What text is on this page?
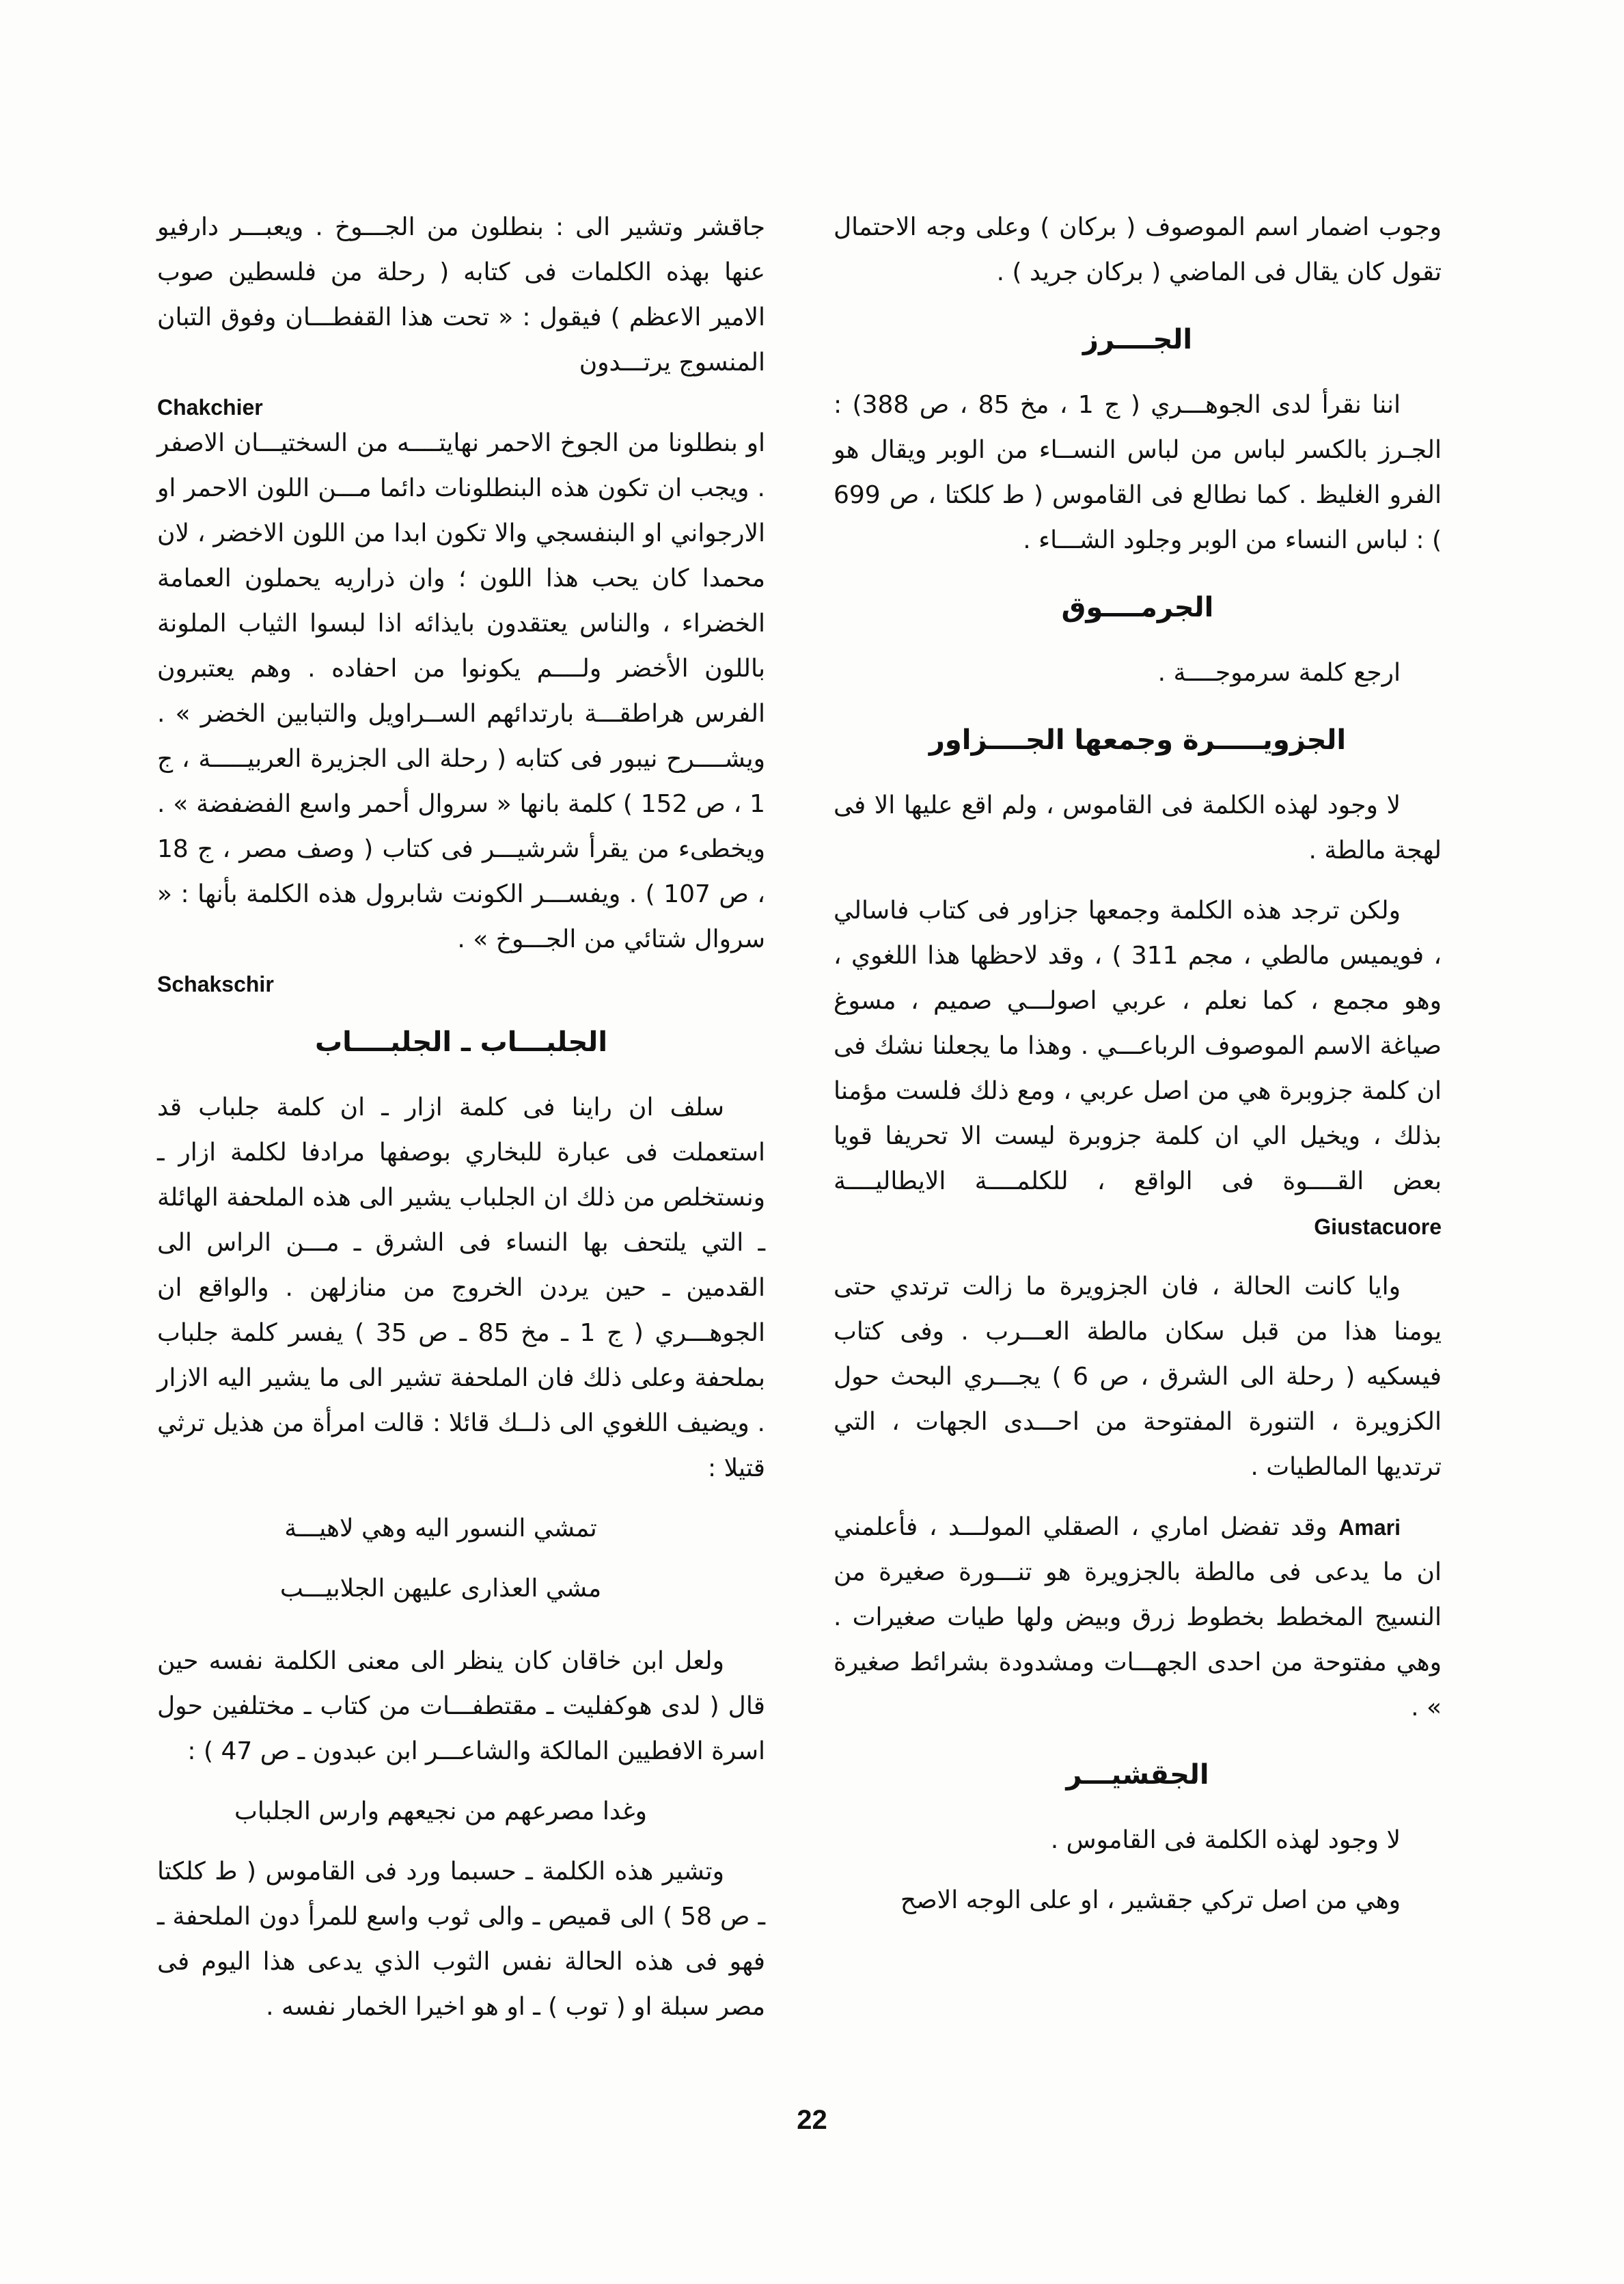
وجوب اضمار اسم الموصوف ( بركان ) وعلى وجه الاحتمال تقول كان يقال فى الماضي ( بركان جريد ) .

الجــــرز

اننا نقرأ لدى الجوهـــري ( ج 1 ، مخ 85 ، ص 388) : الجـرز بالكسر لباس من لباس النســاء من الوبر ويقال هو الفرو الغليظ . كما نطالع فى القاموس ( ط كلكتا ، ص 699 ) : لباس النساء من الوبر وجلود الشـــاء .

الجرمــــوق

ارجع كلمة سرموجــــة .

الجزويـــــرة وجمعها الجــــزاور

لا وجود لهذه الكلمة فى القاموس ، ولم اقع عليها الا فى لهجة مالطة .

ولكن ترجد هذه الكلمة وجمعها جزاور فى كتاب فاسالي ، فويميس مالطي ، مجم 311 ) ، وقد لاحظها هذا اللغوي ، وهو مجمع ، كما نعلم ، عربي اصولـــي صميم ، مسوغ صياغة الاسم الموصوف الرباعـــي . وهذا ما يجعلنا نشك فى ان كلمة جزوبرة هي من اصل عربي ، ومع ذلك فلست مؤمنا بذلك ، ويخيل الي ان كلمة جزوبرة ليست الا تحريفا قويا بعض القــــوة فى الواقع ، للكلمــــة الايطاليــــة Giustacuore

وايا كانت الحالة ، فان الجزويرة ما زالت ترتدي حتى يومنا هذا من قبل سكان مالطة العـــرب . وفى كتاب فيسكيه ( رحلة الى الشرق ، ص 6 ) يجـــري البحث حول الكزويرة ، التنورة المفتوحة من احـــدى الجهات ، التي ترتديها المالطيات .

Amari وقد تفضل اماري ، الصقلي المولـــد ، فأعلمني ان ما يدعى فى مالطة بالجزويرة هو تنـــورة صغيرة من النسيج المخطط بخطوط زرق وبيض ولها طيات صغيرات . وهي مفتوحة من احدى الجهـــات ومشدودة بشرائط صغيرة » .

الجقشيـــر

لا وجود لهذه الكلمة فى القاموس .

وهي من اصل تركي جقشير ، او على الوجه الاصح

جاقشر وتشير الى : بنطلون من الجـــوخ . ويعبـــر دارفيو عنها بهذه الكلمات فى كتابه ( رحلة من فلسطين صوب الامير الاعظم ) فيقول : « تحت هذا القفطـــان وفوق التبان المنسوج يرتـــدون

Chakchier

او بنطلونا من الجوخ الاحمر نهايتــــه من السختيـــان الاصفر . ويجب ان تكون هذه البنطلونات دائما مـــن اللون الاحمر او الارجواني او البنفسجي والا تكون ابدا من اللون الاخضر ، لان محمدا كان يحب هذا اللون ؛ وان ذراريه يحملون العمامة الخضراء ، والناس يعتقدون بايذائه اذا لبسوا الثياب الملونة باللون الأخضر ولــــم يكونوا من احفاده . وهم يعتبرون الفرس هراطقـــة بارتدائهم الســراويل والتبابين الخضر » . ويشــــرح نيبور فى كتابه ( رحلة الى الجزيرة العربيـــــة ، ج 1 ، ص 152 ) كلمة بانها « سروال أحمر واسع الفضفضة » . ويخطىء من يقرأ شرشيـــر فى كتاب ( وصف مصر ، ج 18 ، ص 107 ) . ويفســـر الكونت شابرول هذه الكلمة بأنها : « سروال شتائي من الجـــوخ » .

Schakschir
الجلبـــاب ـ الجلبــــاب

سلف ان راينا فى كلمة ازار ـ ان كلمة جلباب قد استعملت فى عبارة للبخاري بوصفها مرادفا لكلمة ازار ـ ونستخلص من ذلك ان الجلباب يشير الى هذه الملحفة الهائلة ـ التي يلتحف بها النساء فى الشرق ـ مـــن الراس الى القدمين ـ حين يردن الخروج من منازلهن . والواقع ان الجوهـــري ( ج 1 ـ مخ 85 ـ ص 35 ) يفسر كلمة جلباب بملحفة وعلى ذلك فان الملحفة تشير الى ما يشير اليه الازار . ويضيف اللغوي الى ذلــك قائلا : قالت امرأة من هذيل ترثي قتيلا :

تمشي النسور اليه وهي لاهيـــة

مشي العذارى عليهن الجلابيـــب

ولعل ابن خاقان كان ينظر الى معنى الكلمة نفسه حين قال ( لدى هوكفليت ـ مقتطفـــات من كتاب ـ مختلفين حول اسرة الافطيين المالكة والشاعـــر ابن عبدون ـ ص 47 ) :

وغدا مصرعهم من نجيعهم وارس الجلباب

وتشير هذه الكلمة ـ حسبما ورد فى القاموس ( ط كلكتا ـ ص 58 ) الى قميص ـ والى ثوب واسع للمرأ دون الملحفة ـ فهو فى هذه الحالة نفس الثوب الذي يدعى هذا اليوم فى مصر سبلة او ( توب ) ـ او هو اخيرا الخمار نفسه .

22
